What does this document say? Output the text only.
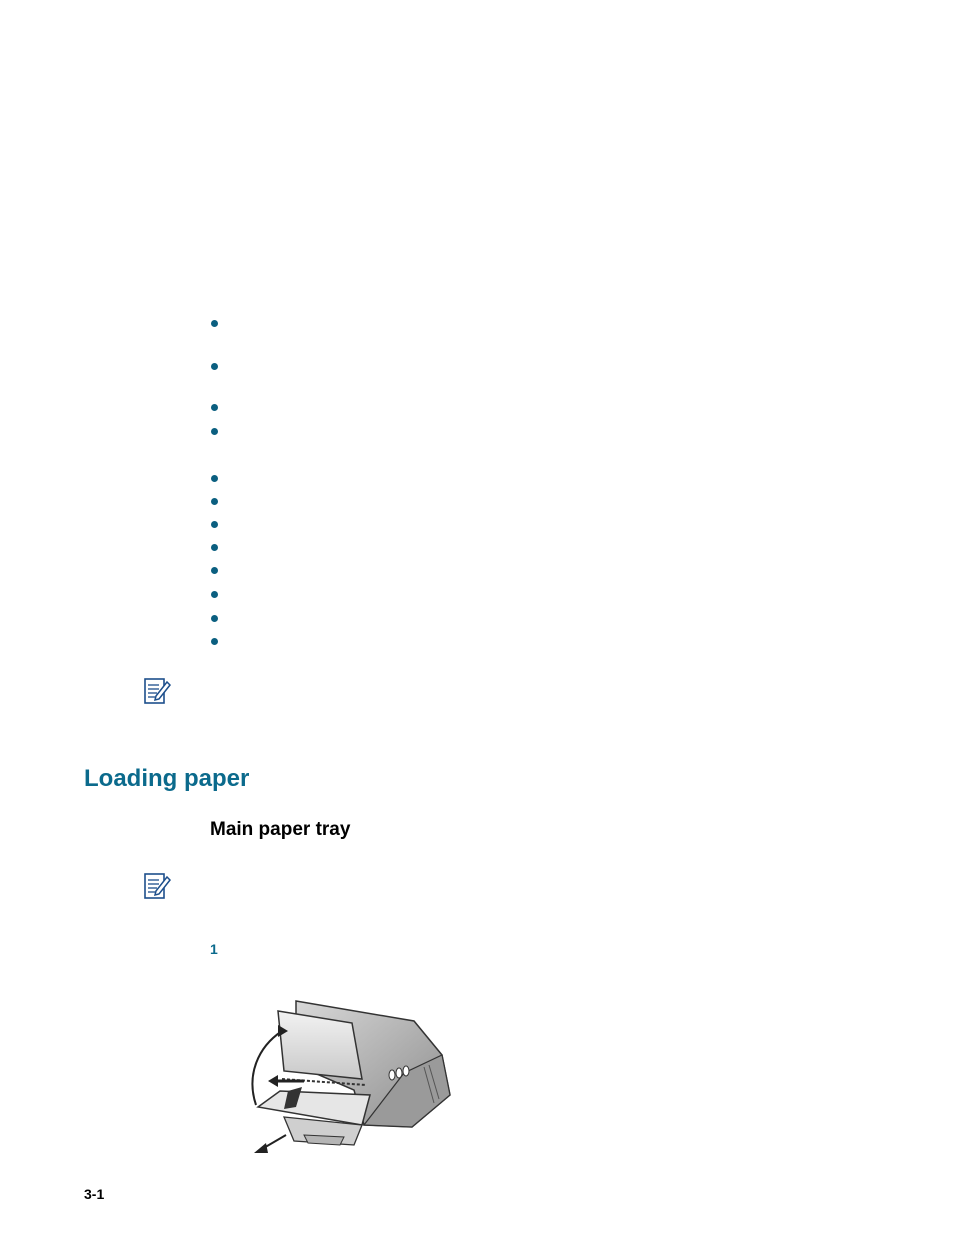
Loading paper
Main paper tray
1
3-1
